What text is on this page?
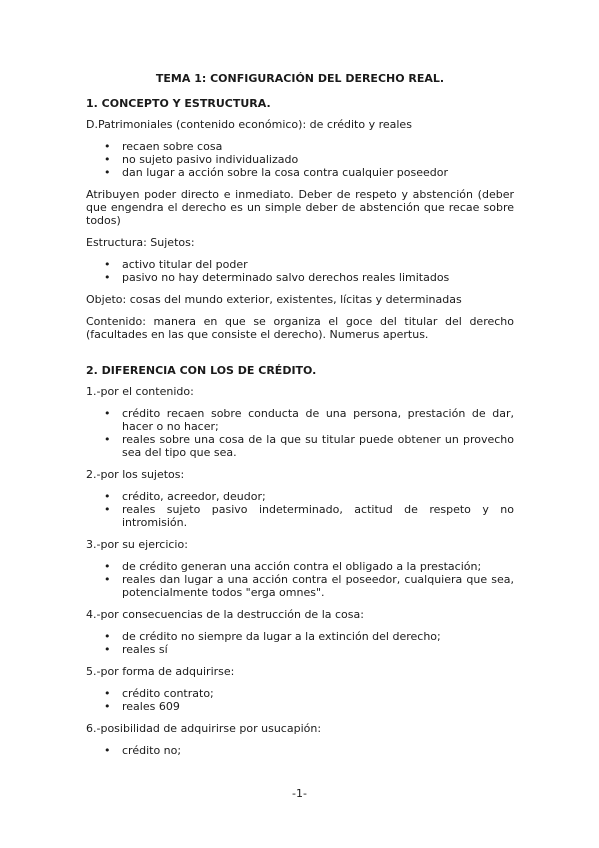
TEMA 1: CONFIGURACIÓN DEL DERECHO REAL.
1. CONCEPTO Y ESTRUCTURA.

D.Patrimoniales (contenido económico): de crédito y reales

• recaen sobre cosa
• no sujeto pasivo individualizado
• dan lugar a acción sobre la cosa contra cualquier poseedor

Atribuyen poder directo e inmediato. Deber de respeto y abstención (deber que engendra el derecho es un simple deber de abstención que recae sobre todos)

Estructura: Sujetos:

• activo titular del poder
• pasivo no hay determinado salvo derechos reales limitados

Objeto: cosas del mundo exterior, existentes, lícitas y determinadas

Contenido: manera en que se organiza el goce del titular del derecho (facultades en las que consiste el derecho). Numerus apertus.

2. DIFERENCIA CON LOS DE CRÉDITO.

1.-por el contenido:

• crédito recaen sobre conducta de una persona, prestación de dar, hacer o no hacer;
• reales sobre una cosa de la que su titular puede obtener un provecho sea del tipo que sea.

2.-por los sujetos:

• crédito, acreedor, deudor;
• reales sujeto pasivo indeterminado, actitud de respeto y no intromisión.

3.-por su ejercicio:

• de crédito generan una acción contra el obligado a la prestación;
• reales dan lugar a una acción contra el poseedor, cualquiera que sea, potencialmente todos "erga omnes".

4.-por consecuencias de la destrucción de la cosa:

• de crédito no siempre da lugar a la extinción del derecho;
• reales sí

5.-por forma de adquirirse:

• crédito contrato;
• reales 609

6.-posibilidad de adquirirse por usucapión:

• crédito no;
-1-
